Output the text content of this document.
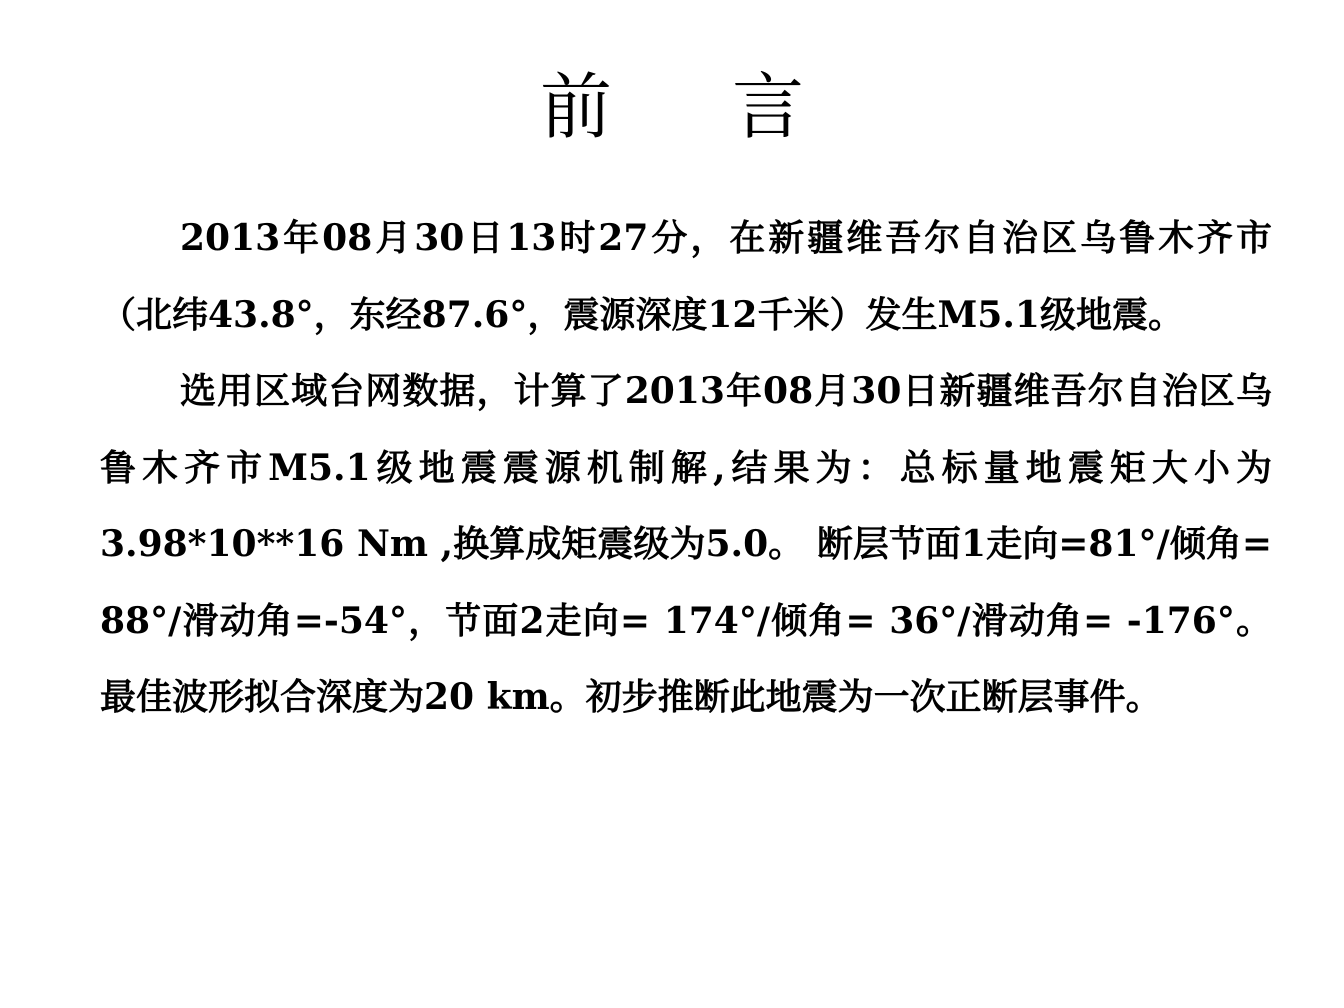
前 言

2013年08月30日13时27分，在新疆维吾尔自治区乌鲁木齐市（北纬43.8°，东经87.6°，震源深度12千米）发生M5.1级地震。

选用区域台网数据，计算了2013年08月30日新疆维吾尔自治区乌鲁木齐市M5.1级地震震源机制解,结果为：总标量地震矩大小为3.98*10**16 Nm ,换算成矩震级为5.0。 断层节面1走向=81°/倾角= 88°/滑动角=-54°，节面2走向= 174°/倾角= 36°/滑动角= -176°。最佳波形拟合深度为20 km。初步推断此地震为一次正断层事件。
